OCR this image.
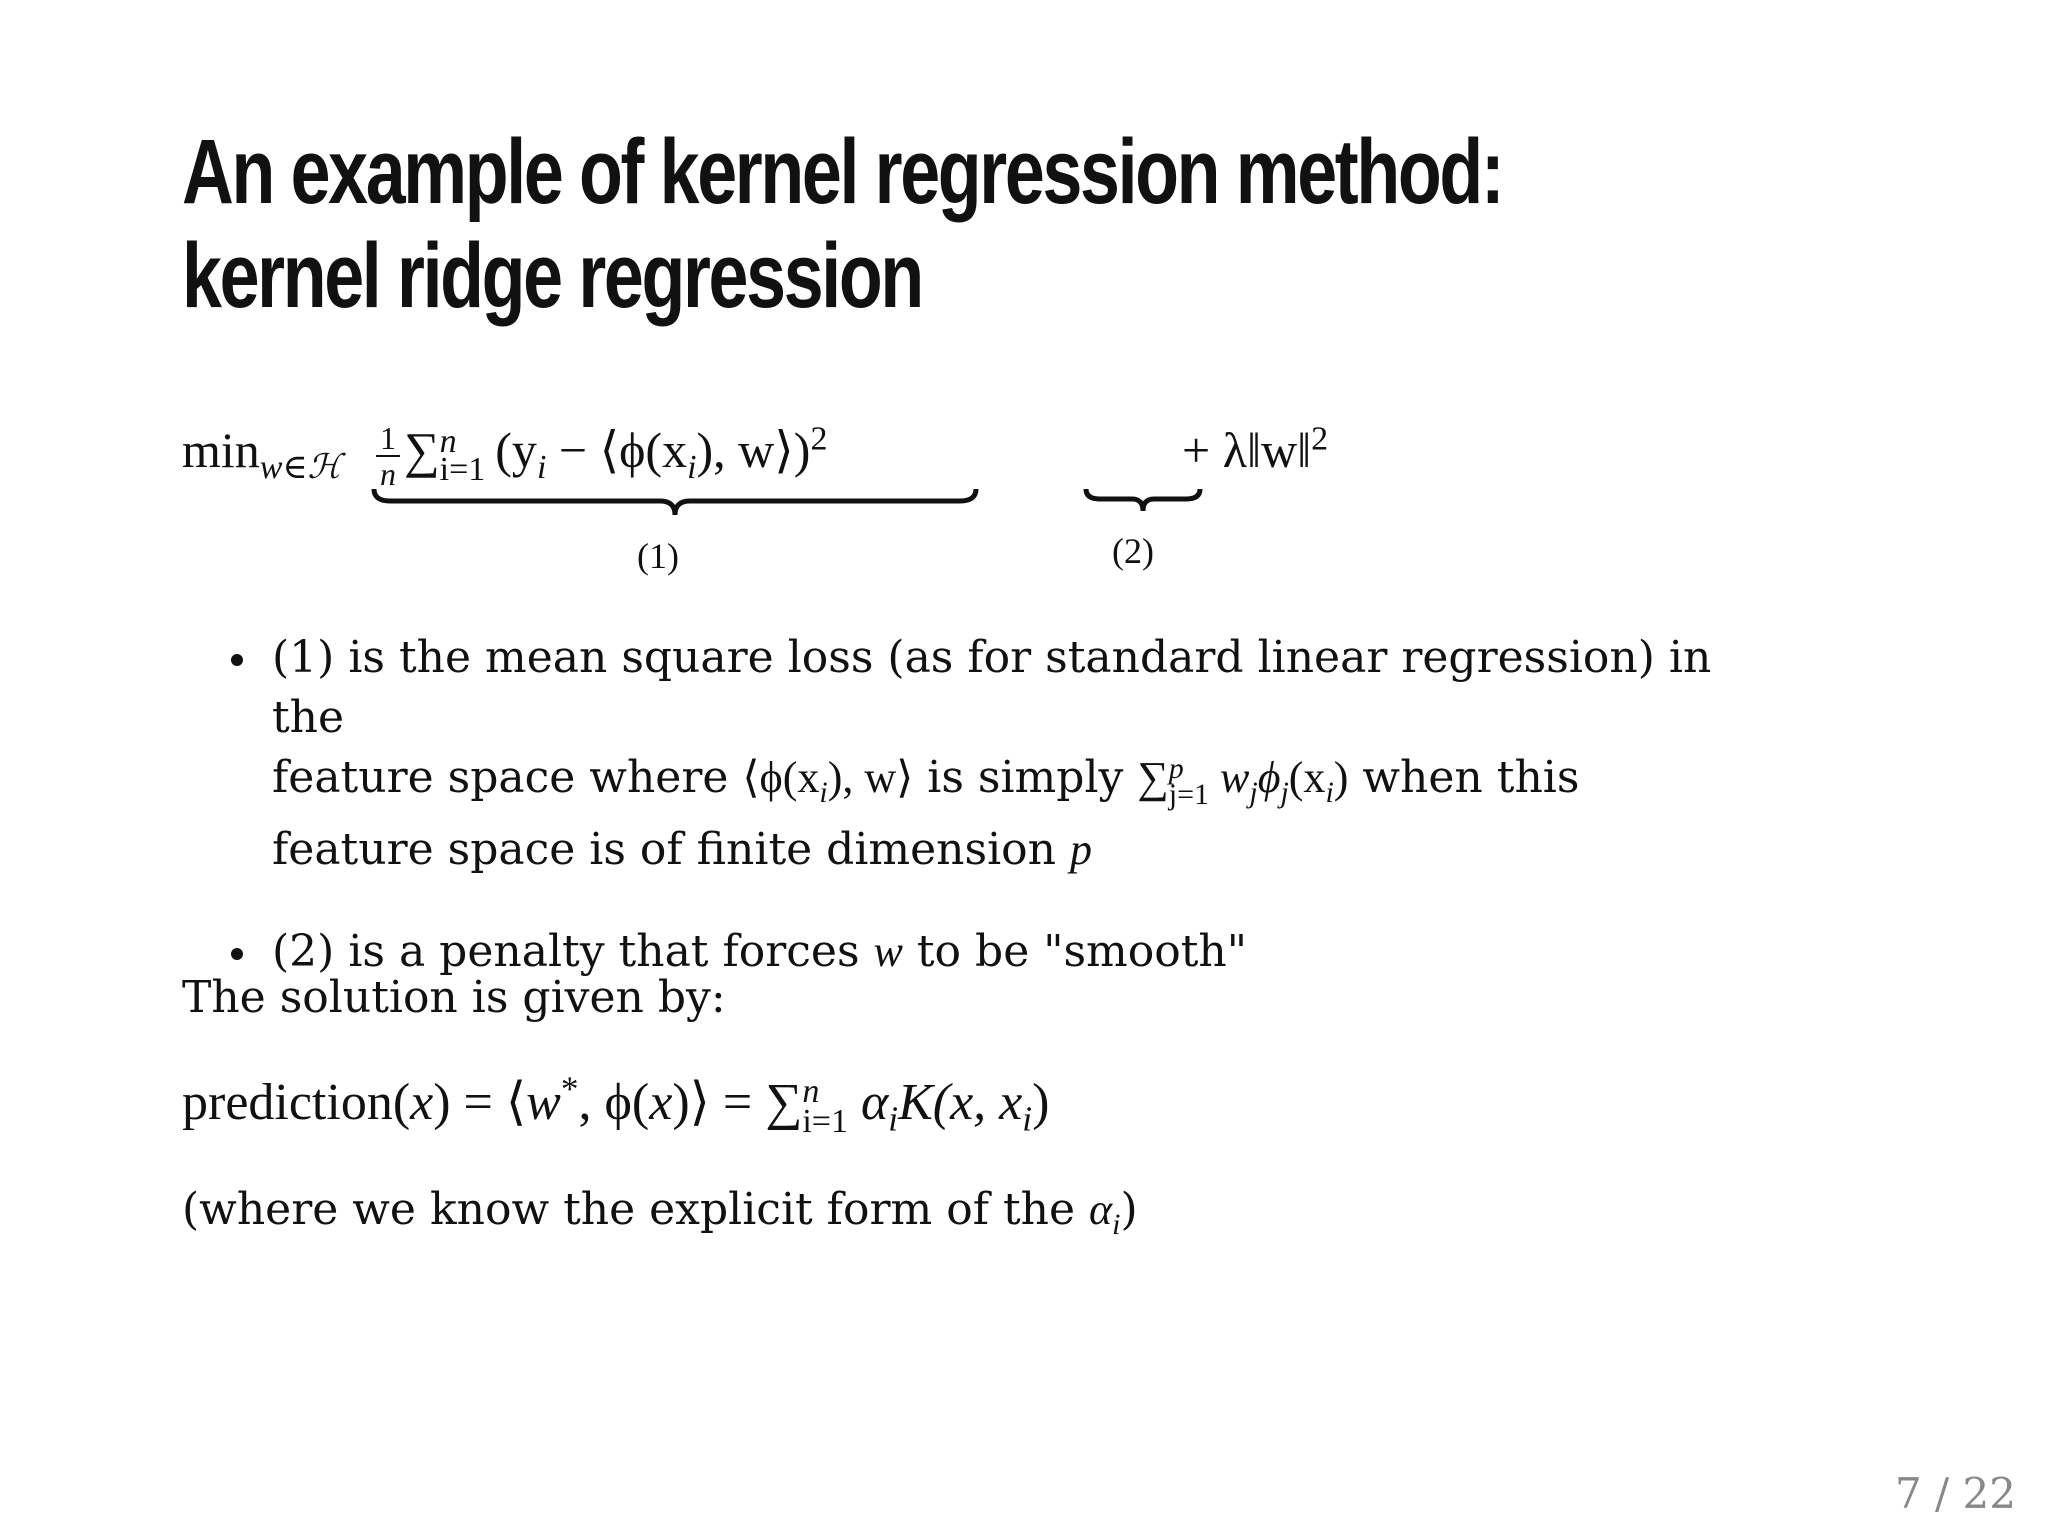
An example of kernel regression method: kernel ridge regression
$\min_{w\in ℋ} \frac{1}{n}$ ∑ n
i=1 ($y_i$ − $⟨\phi(x_i)$, w⟩)$^2$	+ λ‖w‖$^2$
(1)	(2)
(1) is the mean square loss (as for standard linear regression) in the
feature space where $⟨\phi(x_i)$, w⟩ is simply ∑ p
j=1 $w_j\phi_j(x_i)$ when this
feature space is of finite dimension p
(2) is a penalty that forces w to be "smooth"

The solution is given by:

prediction(x) = ⟨w*, ϕ(x)⟩ = ∑ n
i=1 $\alpha_iK(x$, $x_i$)

(where we know the explicit form of the $\alpha_i$)

7 / 22
